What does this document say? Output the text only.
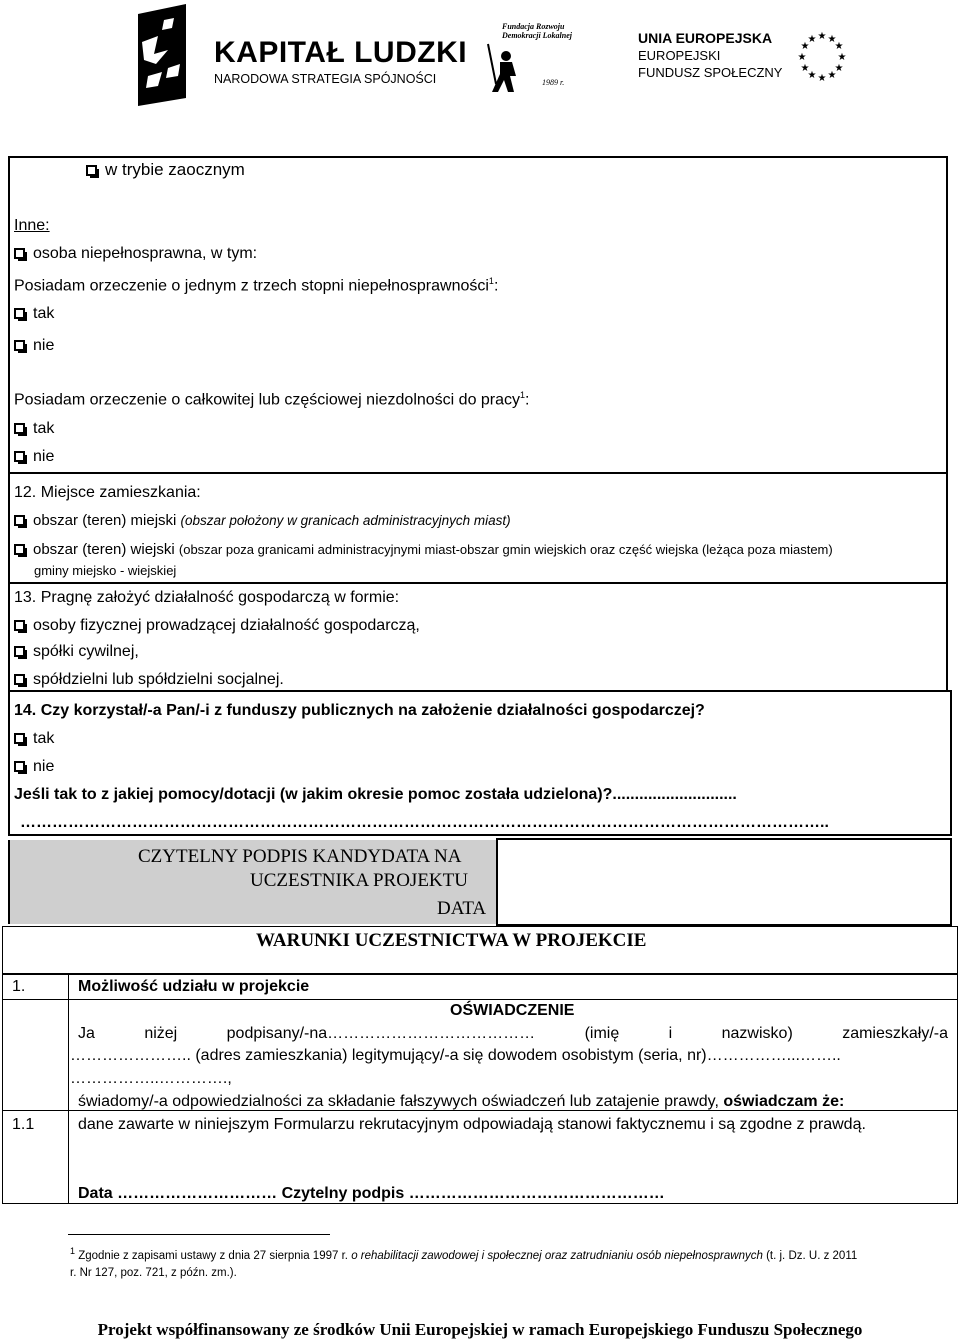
KAPITAŁ LUDZKI
NARODOWA STRATEGIA SPÓJNOŚCI
Fundacja Rozwoju Demokracji Lokalnej
1989 r.
UNIA EUROPEJSKA
EUROPEJSKI
FUNDUSZ SPOŁECZNY
★ ★
★
★
★
★
★
★
★
★
★
★
w trybie zaocznym
Inne:
osoba niepełnosprawna, w tym:
Posiadam orzeczenie o jednym z trzech stopni niepełnosprawności$^1$:
tak
nie
Posiadam orzeczenie o całkowitej lub częściowej niezdolności do pracy$^1$:
tak
nie
12. Miejsce zamieszkania:
obszar (teren) miejski (obszar położony w granicach administracyjnych miast)
obszar (teren) wiejski (obszar poza granicami administracyjnymi miast-obszar gmin wiejskich oraz część wiejska (leżąca poza miastem)
gminy miejsko - wiejskiej
13. Pragnę założyć działalność gospodarczą w formie:
osoby fizycznej prowadzącej działalność gospodarczą,
spółki cywilnej,
spółdzielni lub spółdzielni socjalnej.
14. Czy korzystał/-a Pan/-i z funduszy publicznych na założenie działalności gospodarczej?
tak
nie
Jeśli tak to z jakiej pomocy/dotacji (w jakim okresie pomoc została udzielona)?............................
……………………………………………………………………………………………………………………………………..
CZYTELNY PODPIS KANDYDATA NA
UCZESTNIKA PROJEKTU
DATA
WARUNKI UCZESTNICTWA W PROJEKCIE
1.	Możliwość udziału w projekcie
OŚWIADCZENIE
Ja niżej podpisany/-na………………………………… (imię i nazwisko) zamieszkały/-a
………………….. (adres zamieszkania) legitymujący/-a się dowodem osobistym (seria, nr)……………...……..
……………..………….,
świadomy/-a odpowiedzialności za składanie fałszywych oświadczeń lub zatajenie prawdy, oświadczam że:
1.1	dane zawarte w niniejszym Formularzu rekrutacyjnym odpowiadają stanowi faktycznemu i są zgodne z prawdą.
Data ………………………… Czytelny podpis …………………………………………
$^1$ Zgodnie z zapisami ustawy z dnia 27 sierpnia 1997 r. o rehabilitacji zawodowej i społecznej oraz zatrudnianiu osób niepełnosprawnych (t. j. Dz. U. z 2011
r. Nr 127, poz. 721, z późn. zm.).
Projekt współfinansowany ze środków Unii Europejskiej w ramach Europejskiego Funduszu Społecznego
